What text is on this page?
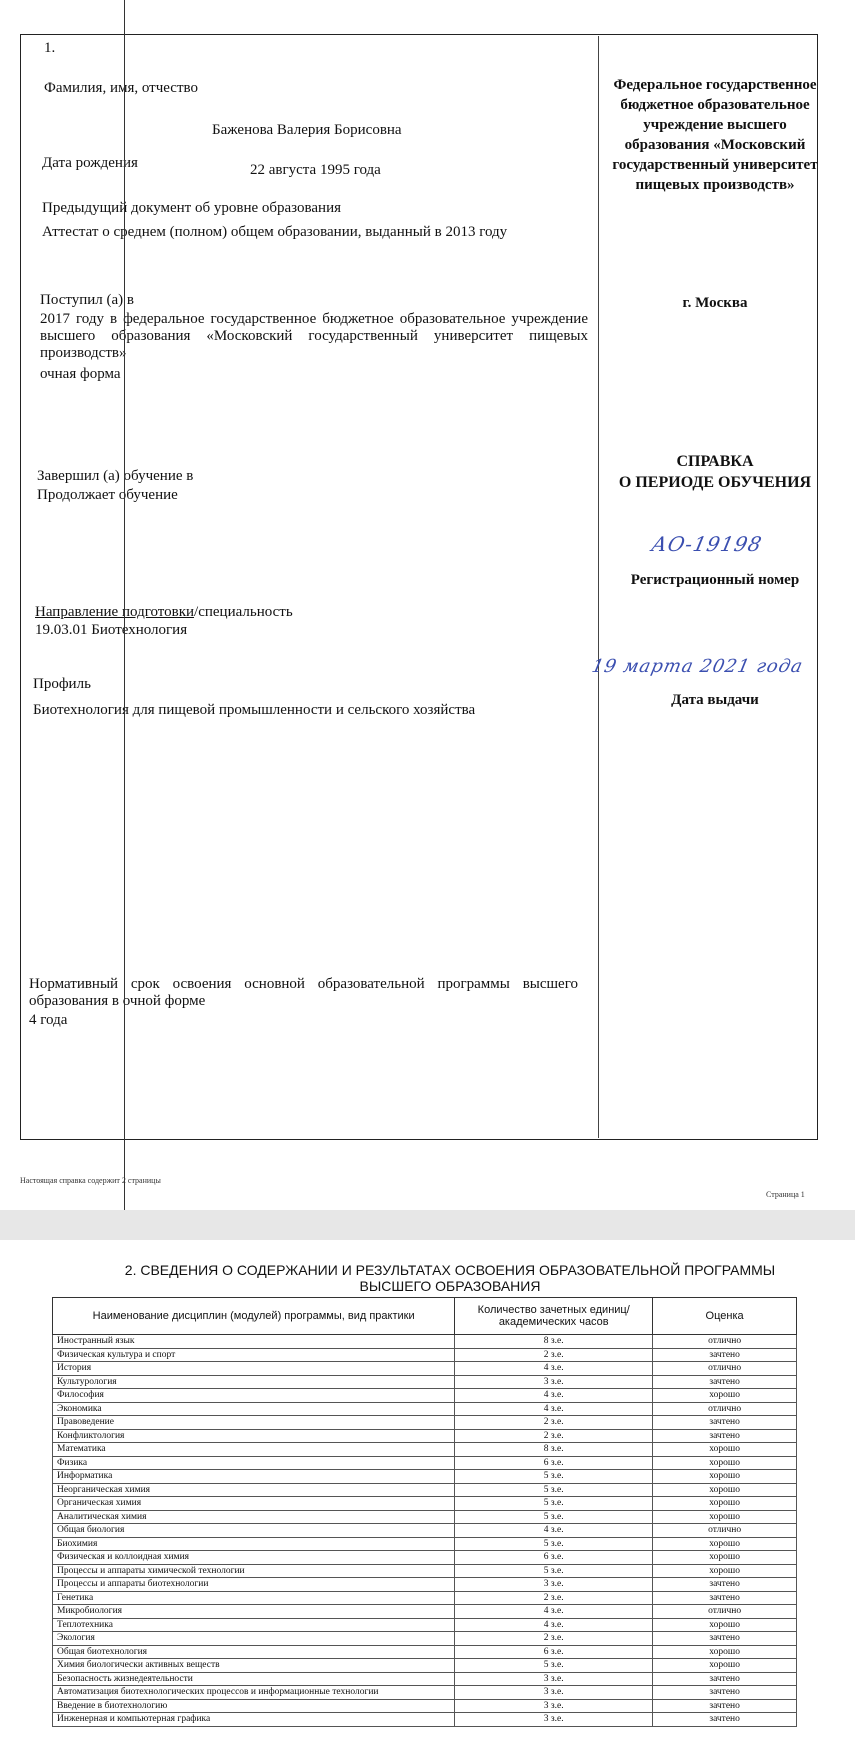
1.
Фамилия, имя, отчество
Баженова Валерия Борисовна
Дата рождения	22 августа 1995 года
Предыдущий документ об уровне образования
Аттестат о среднем (полном) общем образовании, выданный в 2013 году
Поступил (а) в
2017 году в федеральное государственное бюджетное образовательное учреждение высшего образования «Московский государственный университет пищевых производств»
очная форма
Завершил (а) обучение в
Продолжает обучение
Направление подготовки/специальность
19.03.01 Биотехнология
Профиль
Биотехнология для пищевой промышленности и сельского хозяйства
Нормативный срок освоения основной образовательной программы высшего образования в очной форме
4 года
Федеральное государственное бюджетное образовательное учреждение высшего образования «Московский государственный университет пищевых производств»
г. Москва
СПРАВКА
О ПЕРИОДЕ ОБУЧЕНИЯ
АО-19198
Регистрационный номер
19 марта 2021 года
Дата выдачи
Настоящая справка содержит 2 страницы
Страница 1
2. СВЕДЕНИЯ О СОДЕРЖАНИИ И РЕЗУЛЬТАТАХ ОСВОЕНИЯ ОБРАЗОВАТЕЛЬНОЙ ПРОГРАММЫ
ВЫСШЕГО ОБРАЗОВАНИЯ
Наименование дисциплин (модулей) программы, вид практики	Количество зачетных единиц/ академических часов	Оценка
Иностранный язык	8 з.е.	отлично
Физическая культура и спорт	2 з.е.	зачтено
История	4 з.е.	отлично
Культурология	3 з.е.	зачтено
Философия	4 з.е.	хорошо
Экономика	4 з.е.	отлично
Правоведение	2 з.е.	зачтено
Конфликтология	2 з.е.	зачтено
Математика	8 з.е.	хорошо
Физика	6 з.е.	хорошо
Информатика	5 з.е.	хорошо
Неорганическая химия	5 з.е.	хорошо
Органическая химия	5 з.е.	хорошо
Аналитическая химия	5 з.е.	хорошо
Общая биология	4 з.е.	отлично
Биохимия	5 з.е.	хорошо
Физическая и коллоидная химия	6 з.е.	хорошо
Процессы и аппараты химической технологии	5 з.е.	хорошо
Процессы и аппараты биотехнологии	3 з.е.	зачтено
Генетика	2 з.е.	зачтено
Микробиология	4 з.е.	отлично
Теплотехника	4 з.е.	хорошо
Экология	2 з.е.	зачтено
Общая биотехнология	6 з.е.	хорошо
Химия биологически активных веществ	5 з.е.	хорошо
Безопасность жизнедеятельности	3 з.е.	зачтено
Автоматизация биотехнологических процессов и информационные технологии	3 з.е.	зачтено
Введение в биотехнологию	3 з.е.	зачтено
Инженерная и компьютерная графика	3 з.е.	зачтено
